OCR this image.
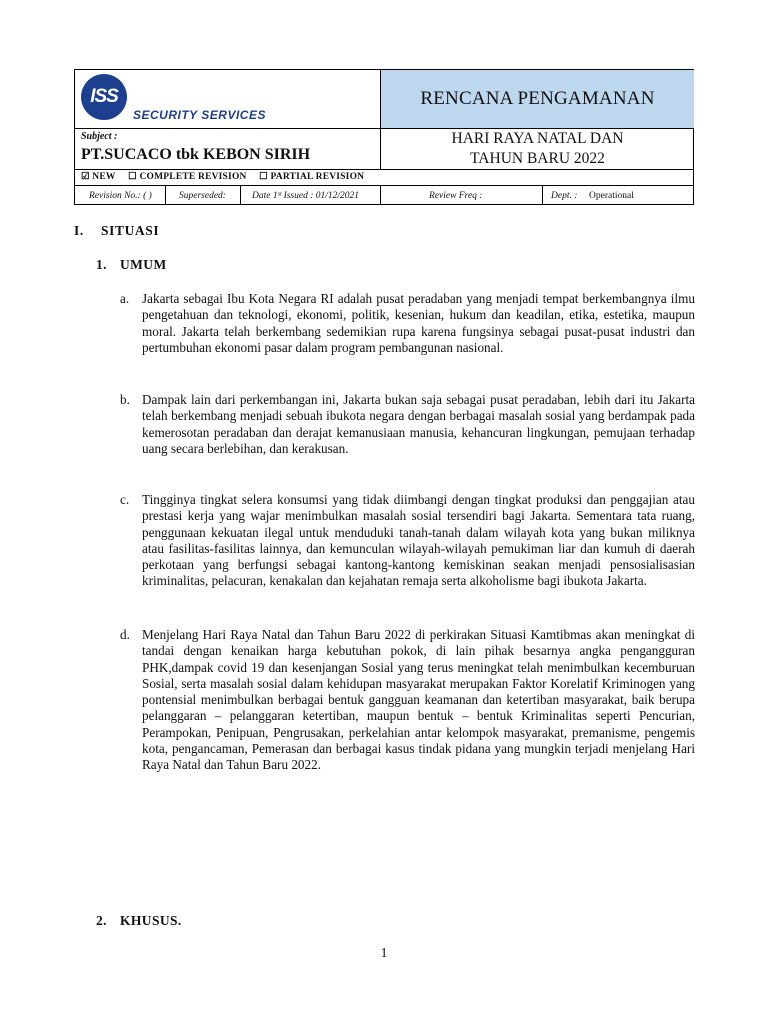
ISS
SECURITY SERVICES
RENCANA PENGAMANAN
Subject :
PT.SUCACO tbk KEBON SIRIH
HARI RAYA NATAL DAN
TAHUN BARU 2022
☑ NEW ☐ COMPLETE REVISION ☐ PARTIAL REVISION
Revision No.: ( )	Superseded:	Date 1ˢᵗ Issued : 01/12/2021	Review Freq :	Dept. : Operational
I. SITUASI
1. UMUM
a. Jakarta sebagai Ibu Kota Negara RI adalah pusat peradaban yang menjadi tempat berkembangnya ilmu pengetahuan dan teknologi, ekonomi, politik, kesenian, hukum dan keadilan, etika, estetika, maupun moral. Jakarta telah berkembang sedemikian rupa karena fungsinya sebagai pusat-pusat industri dan pertumbuhan ekonomi pasar dalam program pembangunan nasional.
b. Dampak lain dari perkembangan ini, Jakarta bukan saja sebagai pusat peradaban, lebih dari itu Jakarta telah berkembang menjadi sebuah ibukota negara dengan berbagai masalah sosial yang berdampak pada kemerosotan peradaban dan derajat kemanusiaan manusia, kehancuran lingkungan, pemujaan terhadap uang secara berlebihan, dan kerakusan.
c. Tingginya tingkat selera konsumsi yang tidak diimbangi dengan tingkat produksi dan penggajian atau prestasi kerja yang wajar menimbulkan masalah sosial tersendiri bagi Jakarta. Sementara tata ruang, penggunaan kekuatan ilegal untuk menduduki tanah-tanah dalam wilayah kota yang bukan miliknya atau fasilitas-fasilitas lainnya, dan kemunculan wilayah-wilayah pemukiman liar dan kumuh di daerah perkotaan yang berfungsi sebagai kantong-kantong kemiskinan seakan menjadi pensosialisasian kriminalitas, pelacuran, kenakalan dan kejahatan remaja serta alkoholisme bagi ibukota Jakarta.
d. Menjelang Hari Raya Natal dan Tahun Baru 2022 di perkirakan Situasi Kamtibmas akan meningkat di tandai dengan kenaikan harga kebutuhan pokok, di lain pihak besarnya angka pengangguran PHK,dampak covid 19 dan kesenjangan Sosial yang terus meningkat telah menimbulkan kecemburuan Sosial, serta masalah sosial dalam kehidupan masyarakat merupakan Faktor Korelatif Kriminogen yang pontensial menimbulkan berbagai bentuk gangguan keamanan dan ketertiban masyarakat, baik berupa pelanggaran – pelanggaran ketertiban, maupun bentuk – bentuk Kriminalitas seperti Pencurian, Perampokan, Penipuan, Pengrusakan, perkelahian antar kelompok masyarakat, premanisme, pengemis kota, pengancaman, Pemerasan dan berbagai kasus tindak pidana yang mungkin terjadi menjelang Hari Raya Natal dan Tahun Baru 2022.
2. KHUSUS.
1
